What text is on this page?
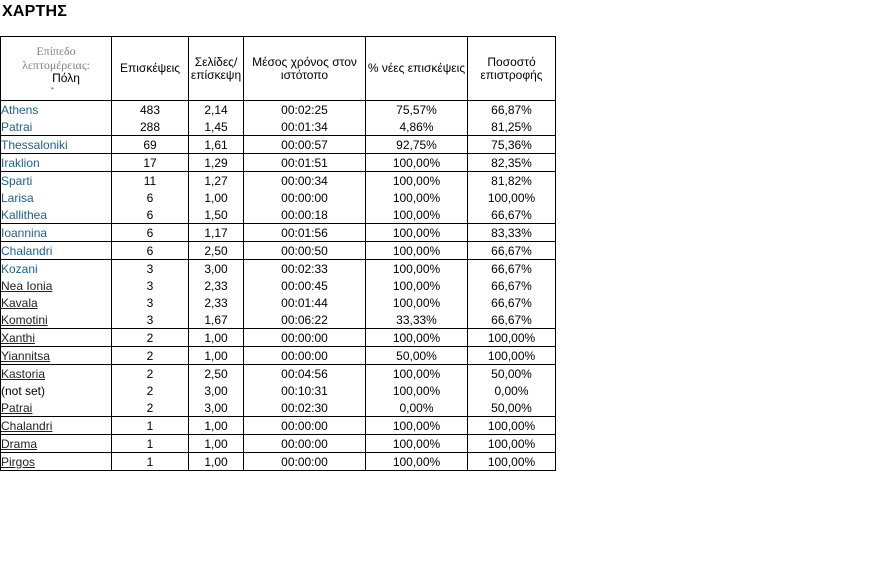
ΧΑΡΤΗΣ
Επίπεδο λεπτομέρειας:
Πόλη
•	Επισκέψεις	Σελίδες/ επίσκεψη	Μέσος χρόνος στον ιστότοπο	% νέες επισκέψεις	Ποσοστό επιστροφής
Athens	483	2,14	00:02:25	75,57%	66,87%
Patrai	288	1,45	00:01:34	4,86%	81,25%
Thessaloniki	69	1,61	00:00:57	92,75%	75,36%
Iraklion	17	1,29	00:01:51	100,00%	82,35%
Sparti	11	1,27	00:00:34	100,00%	81,82%
Larisa	6	1,00	00:00:00	100,00%	100,00%
Kallithea	6	1,50	00:00:18	100,00%	66,67%
Ioannina	6	1,17	00:01:56	100,00%	83,33%
Chalandri	6	2,50	00:00:50	100,00%	66,67%
Kozani	3	3,00	00:02:33	100,00%	66,67%
Nea Ionia	3	2,33	00:00:45	100,00%	66,67%
Kavala	3	2,33	00:01:44	100,00%	66,67%
Komotini	3	1,67	00:06:22	33,33%	66,67%
Xanthi	2	1,00	00:00:00	100,00%	100,00%
Yiannitsa	2	1,00	00:00:00	50,00%	100,00%
Kastoria	2	2,50	00:04:56	100,00%	50,00%
(not set)	2	3,00	00:10:31	100,00%	0,00%
Patrai	2	3,00	00:02:30	0,00%	50,00%
Chalandri	1	1,00	00:00:00	100,00%	100,00%
Drama	1	1,00	00:00:00	100,00%	100,00%
Pirgos	1	1,00	00:00:00	100,00%	100,00%
